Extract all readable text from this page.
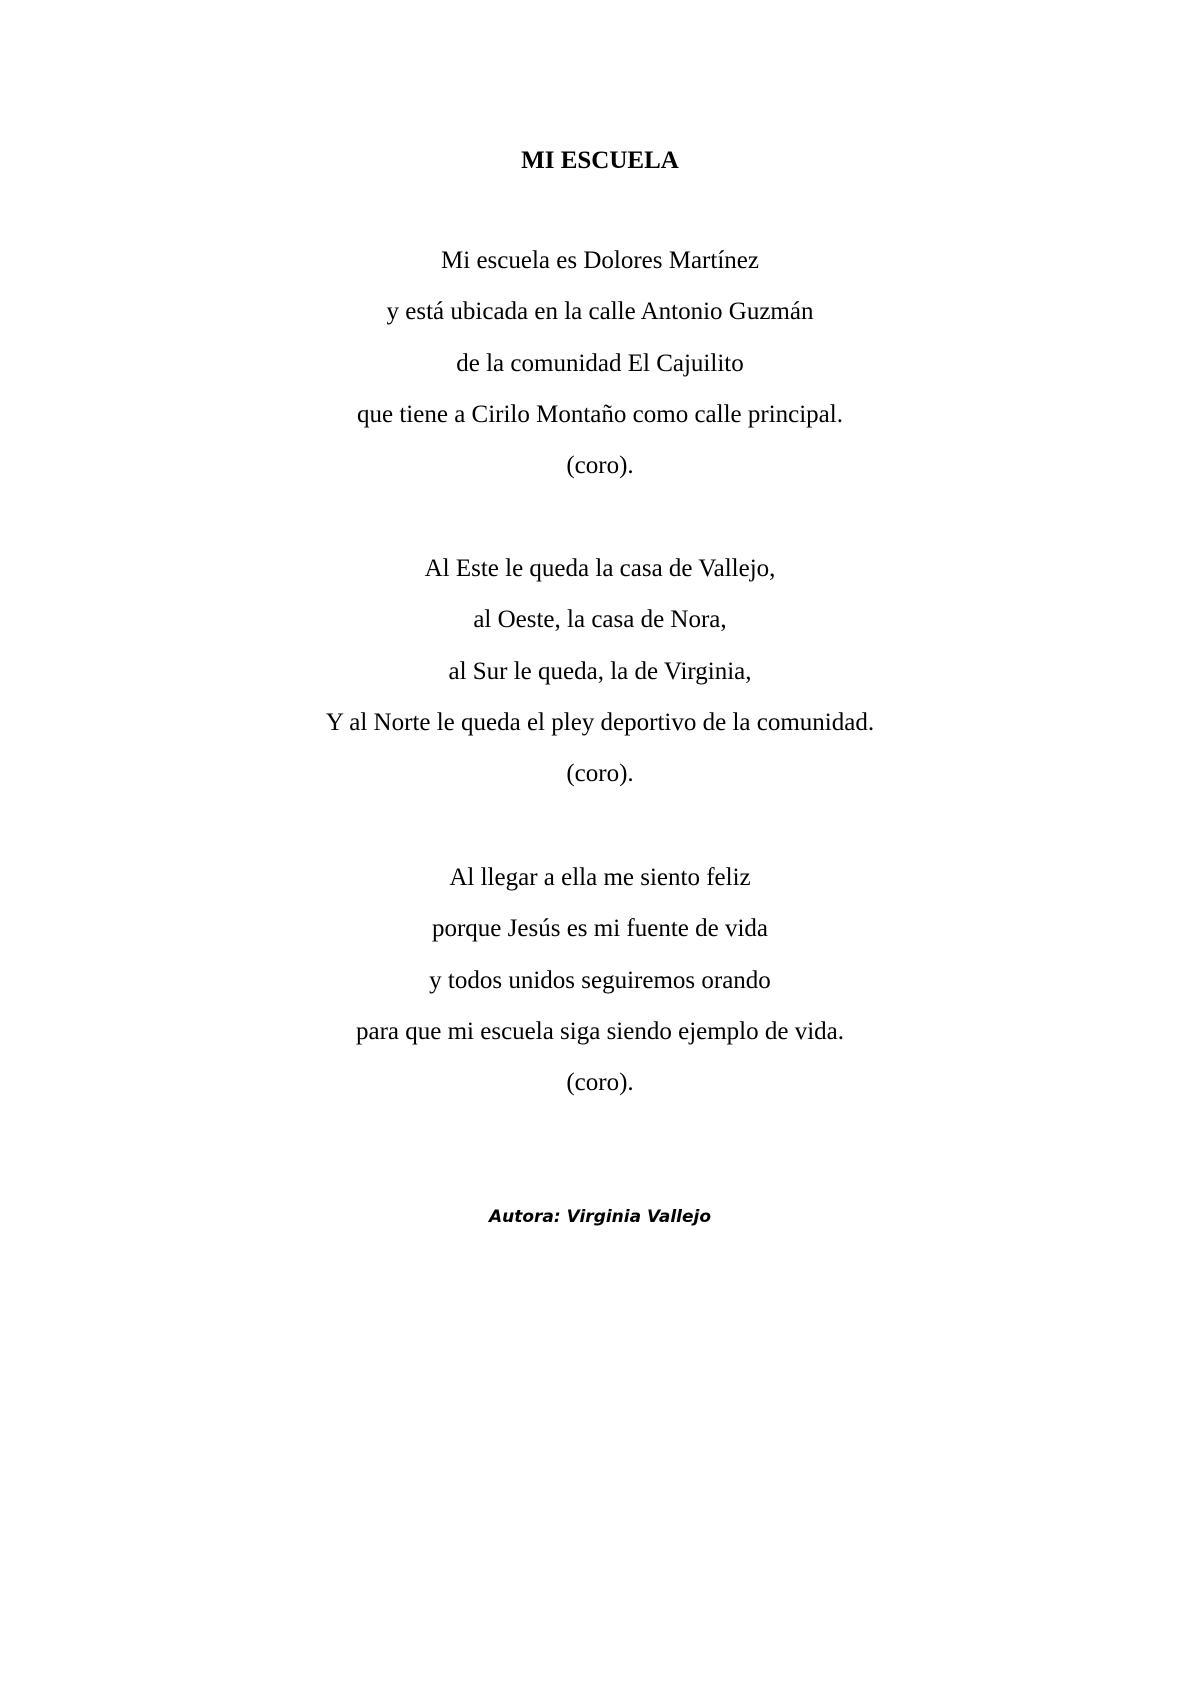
MI ESCUELA
Mi escuela es Dolores Martínez
y está ubicada en la calle Antonio Guzmán
de la comunidad El Cajuilito
que tiene a Cirilo Montaño como calle principal.
(coro).
Al Este le queda la casa de Vallejo,
al Oeste, la casa de Nora,
al Sur le queda, la de Virginia,
Y al Norte le queda el pley deportivo de la comunidad.
(coro).
Al llegar a ella me siento feliz
porque Jesús es mi fuente de vida
y todos unidos seguiremos orando
para que mi escuela siga siendo ejemplo de vida.
(coro).
Autora: Virginia Vallejo
